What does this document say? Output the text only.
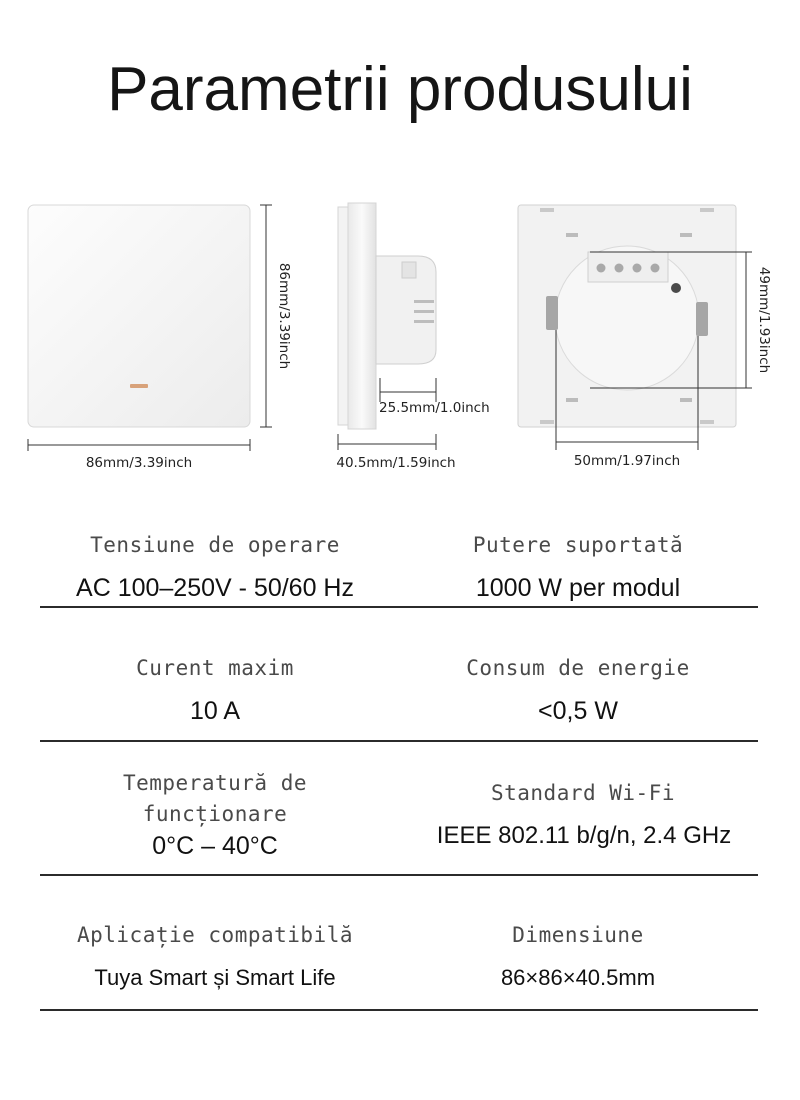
Parametrii produsului
86mm/3.39inch
86mm/3.39inch
25.5mm/1.0inch
40.5mm/1.59inch
49mm/1.93inch
50mm/1.97inch
Tensiune de operare
AC 100–250V - 50/60 Hz
Putere suportată
1000 W per modul
Curent maxim
10 A
Consum de energie
<0,5 W
Temperatură de
funcționare
0°C – 40°C
Standard Wi-Fi
IEEE 802.11 b/g/n, 2.4 GHz
Aplicație compatibilă
Tuya Smart și Smart Life
Dimensiune
86×86×40.5mm
